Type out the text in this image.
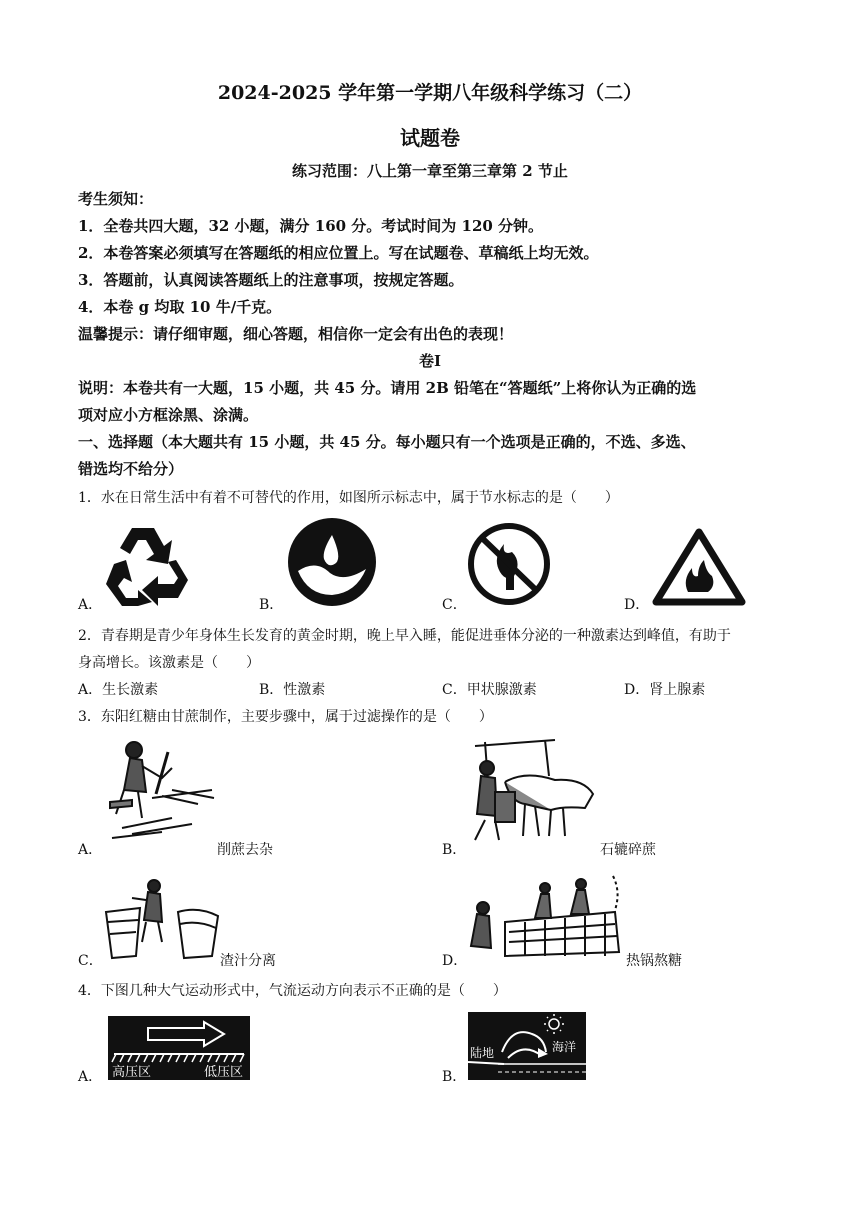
2024-2025 学年第一学期八年级科学练习（二）
试题卷
练习范围：八上第一章至第三章第 2 节止
考生须知：
1．全卷共四大题，32 小题，满分 160 分。考试时间为 120 分钟。
2．本卷答案必须填写在答题纸的相应位置上。写在试题卷、草稿纸上均无效。
3．答题前，认真阅读答题纸上的注意事项，按规定答题。
4．本卷 g 均取 10 牛/千克。
温馨提示：请仔细审题，细心答题，相信你一定会有出色的表现！
卷Ⅰ
说明：本卷共有一大题，15 小题，共 45 分。请用 2B 铅笔在“答题纸”上将你认为正确的选
项对应小方框涂黑、涂满。
一、选择题（本大题共有 15 小题，共 45 分。每小题只有一个选项是正确的，不选、多选、
错选均不给分）
1．水在日常生活中有着不可替代的作用，如图所示标志中，属于节水标志的是（　　）
A．	B．	C．	D．
2．青春期是青少年身体生长发育的黄金时期，晚上早入睡，能促进垂体分泌的一种激素达到峰值，有助于
身高增长。该激素是（　　）
A．生长激素	B．性激素	C．甲状腺激素	D．肾上腺素
3．东阳红糖由甘蔗制作，主要步骤中，属于过滤操作的是（　　）
A．	削蔗去杂	B．	石辘碎蔗
C．	渣汁分离	D．	热锅熬糖
4．下图几种大气运动形式中，气流运动方向表示不正确的是（　　）
A． 高压区	低压区	B．
陆地	海洋
